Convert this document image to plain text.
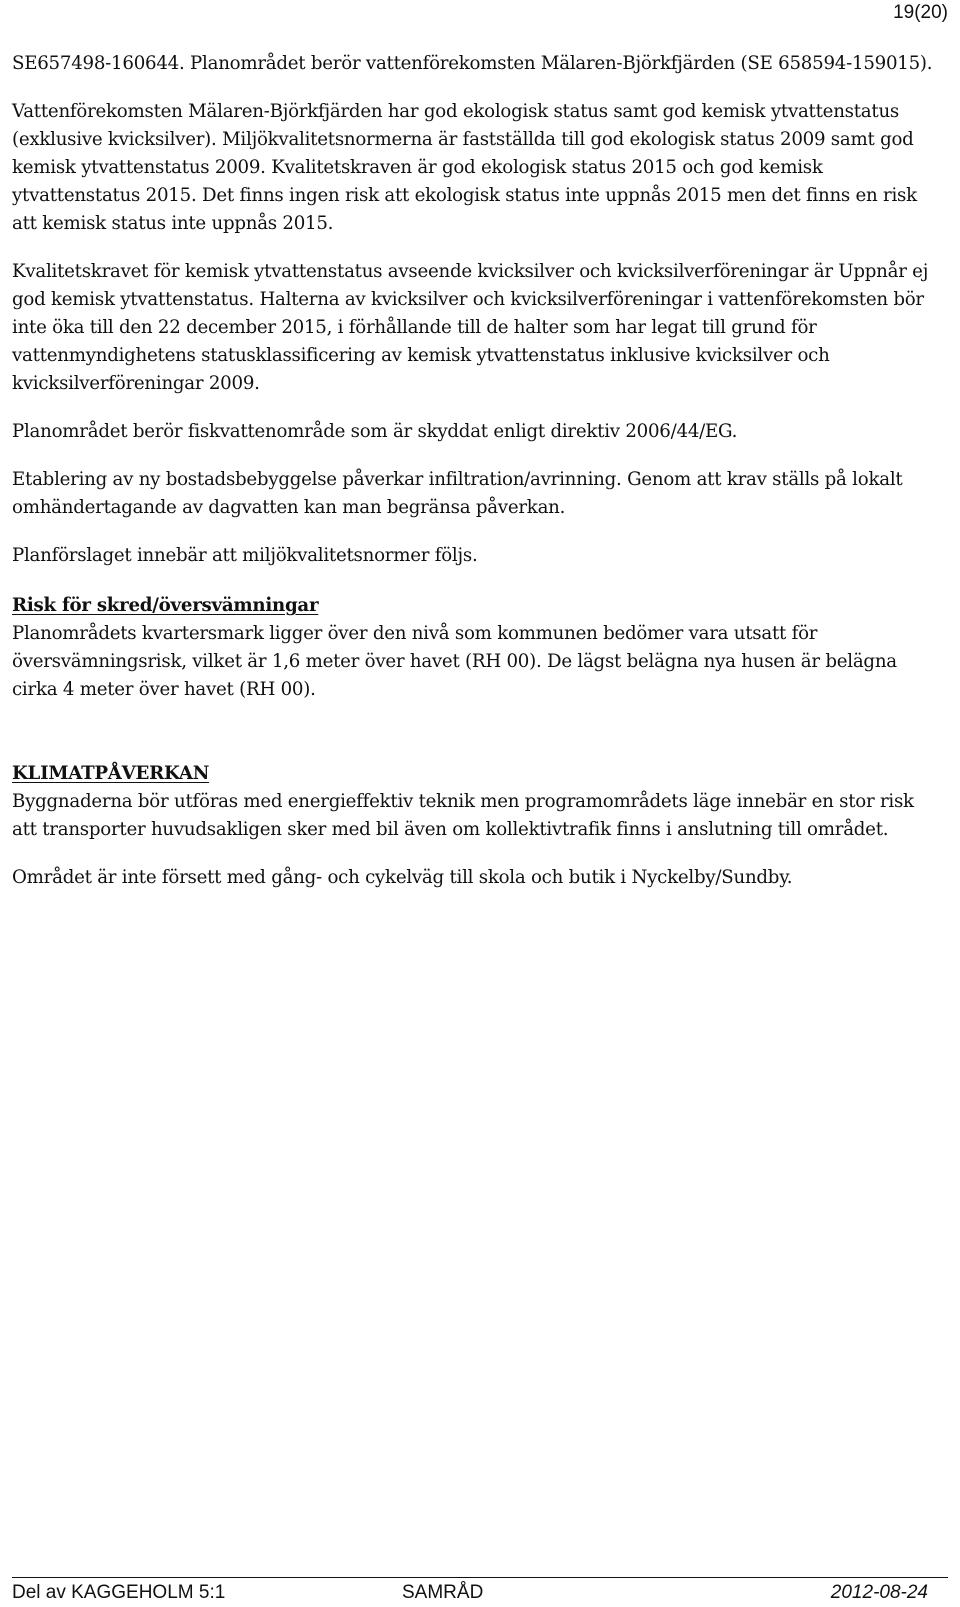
19(20)

SE657498-160644. Planområdet berör vattenförekomsten Mälaren-Björkfjärden (SE 658594-159015).

Vattenförekomsten Mälaren-Björkfjärden har god ekologisk status samt god kemisk ytvattenstatus (exklusive kvicksilver). Miljökvalitetsnormerna är fastställda till god ekologisk status 2009 samt god kemisk ytvattenstatus 2009. Kvalitetskraven är god ekologisk status 2015 och god kemisk ytvattenstatus 2015. Det finns ingen risk att ekologisk status inte uppnås 2015 men det finns en risk att kemisk status inte uppnås 2015.

Kvalitetskravet för kemisk ytvattenstatus avseende kvicksilver och kvicksilverföreningar är Uppnår ej god kemisk ytvattenstatus. Halterna av kvicksilver och kvicksilverföreningar i vattenförekomsten bör inte öka till den 22 december 2015, i förhållande till de halter som har legat till grund för vattenmyndighetens statusklassificering av kemisk ytvattenstatus inklusive kvicksilver och kvicksilverföreningar 2009.

Planområdet berör fiskvattenområde som är skyddat enligt direktiv 2006/44/EG.

Etablering av ny bostadsbebyggelse påverkar infiltration/avrinning. Genom att krav ställs på lokalt omhändertagande av dagvatten kan man begränsa påverkan.

Planförslaget innebär att miljökvalitetsnormer följs.

Risk för skred/översvämningar

Planområdets kvartersmark ligger över den nivå som kommunen bedömer vara utsatt för översvämningsrisk, vilket är 1,6 meter över havet (RH 00). De lägst belägna nya husen är belägna cirka 4 meter över havet (RH 00).

KLIMATPÅVERKAN

Byggnaderna bör utföras med energieffektiv teknik men programområdets läge innebär en stor risk att transporter huvudsakligen sker med bil även om kollektivtrafik finns i anslutning till området.

Området är inte försett med gång- och cykelväg till skola och butik i Nyckelby/Sundby.

Del av KAGGEHOLM 5:1	SAMRÅD	2012-08-24
